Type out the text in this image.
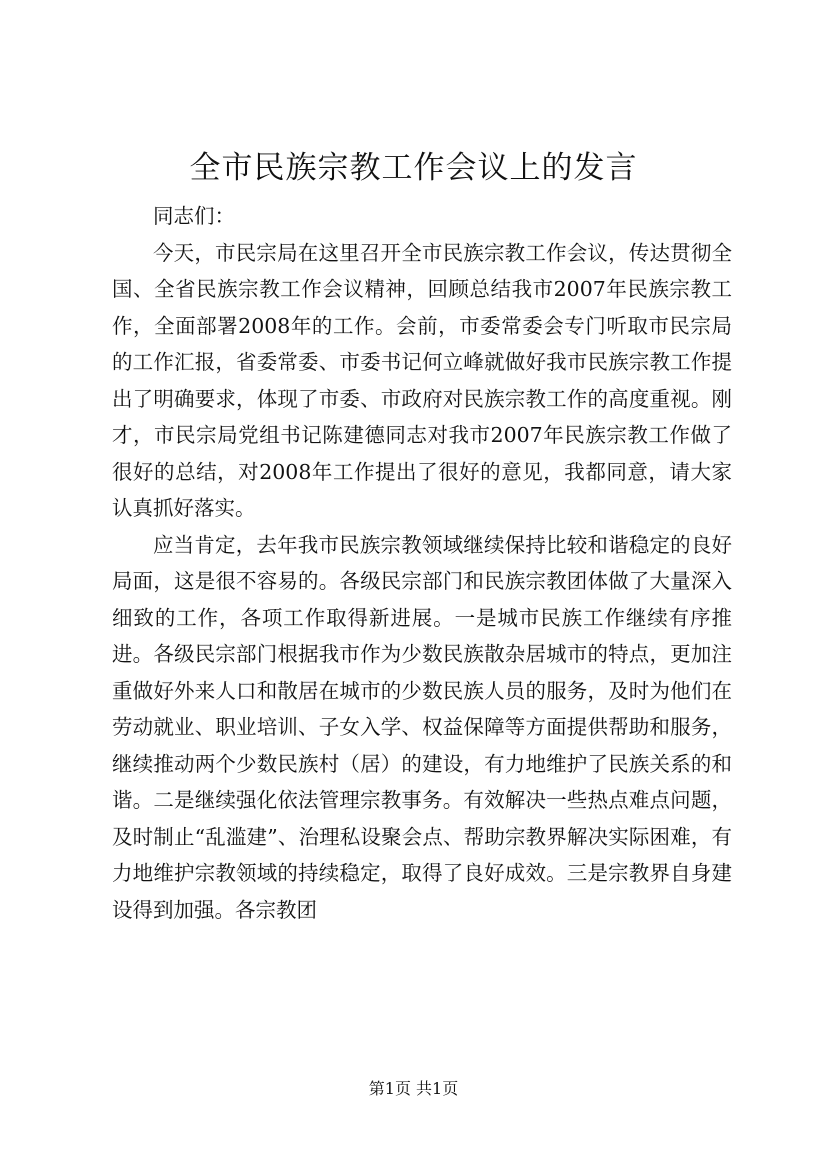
全市民族宗教工作会议上的发言

同志们：

今天，市民宗局在这里召开全市民族宗教工作会议，传达贯彻全国、全省民族宗教工作会议精神，回顾总结我市2007年民族宗教工作，全面部署2008年的工作。会前，市委常委会专门听取市民宗局的工作汇报，省委常委、市委书记何立峰就做好我市民族宗教工作提出了明确要求，体现了市委、市政府对民族宗教工作的高度重视。刚才，市民宗局党组书记陈建德同志对我市2007年民族宗教工作做了很好的总结，对2008年工作提出了很好的意见，我都同意，请大家认真抓好落实。

应当肯定，去年我市民族宗教领域继续保持比较和谐稳定的良好局面，这是很不容易的。各级民宗部门和民族宗教团体做了大量深入细致的工作，各项工作取得新进展。一是城市民族工作继续有序推进。各级民宗部门根据我市作为少数民族散杂居城市的特点，更加注重做好外来人口和散居在城市的少数民族人员的服务，及时为他们在劳动就业、职业培训、子女入学、权益保障等方面提供帮助和服务，继续推动两个少数民族村（居）的建设，有力地维护了民族关系的和谐。二是继续强化依法管理宗教事务。有效解决一些热点难点问题，及时制止“乱滥建”、治理私设聚会点、帮助宗教界解决实际困难，有力地维护宗教领域的持续稳定，取得了良好成效。三是宗教界自身建设得到加强。各宗教团

第1页 共1页
